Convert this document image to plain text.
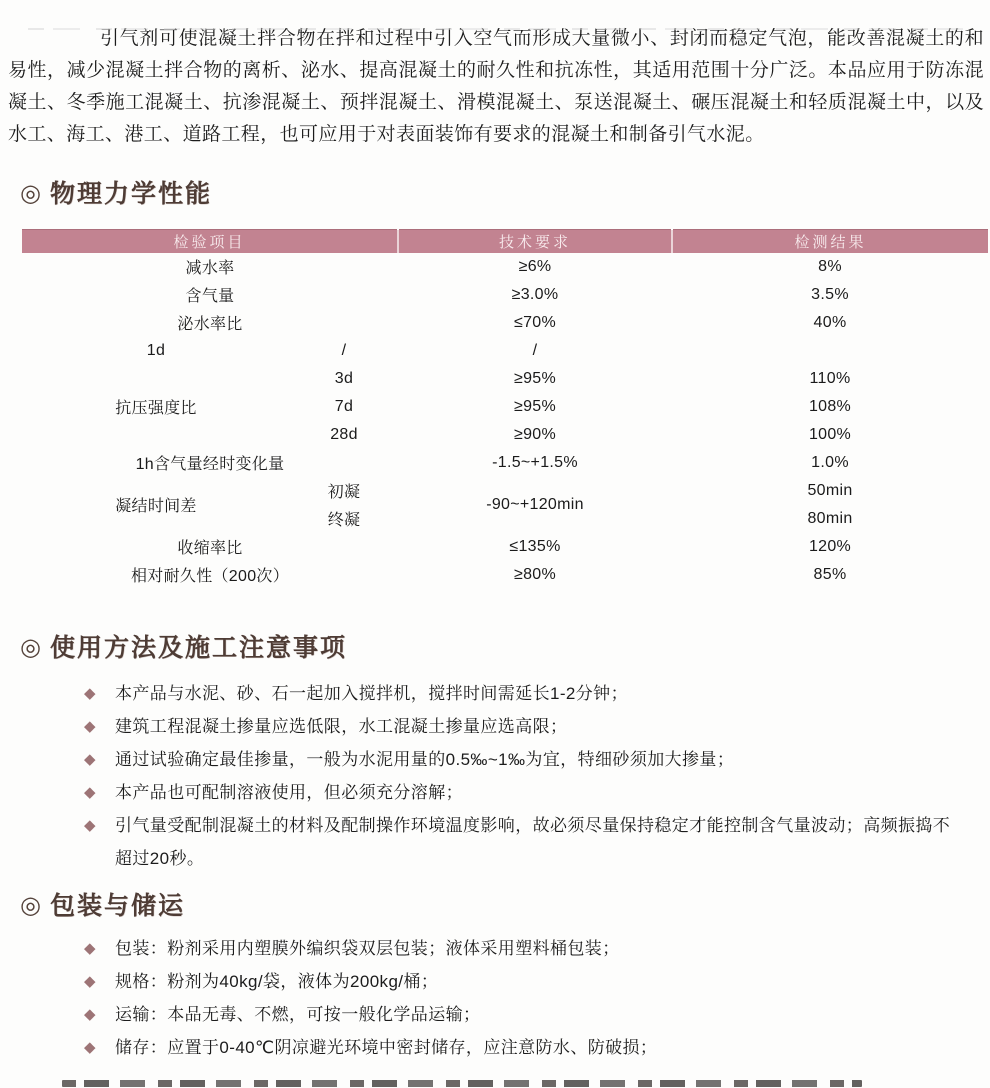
引气剂可使混凝土拌合物在拌和过程中引入空气而形成大量微小、封闭而稳定气泡，能改善混凝土的和易性，减少混凝土拌合物的离析、泌水、提高混凝土的耐久性和抗冻性，其适用范围十分广泛。本品应用于防冻混凝土、冬季施工混凝土、抗渗混凝土、预拌混凝土、滑模混凝土、泵送混凝土、碾压混凝土和轻质混凝土中，以及水工、海工、港工、道路工程，也可应用于对表面装饰有要求的混凝土和制备引气水泥。

◎ 物理力学性能
检验项目		技术要求	检测结果
减水率		≥6%	8%
含气量		≥3.0%	3.5%
泌水率比		≤70%	40%
1d	/	/	
抗压强度比	3d	≥95%	110%
	7d	≥95%	108%
	28d	≥90%	100%
1h含气量经时变化量		-1.5~+1.5%	1.0%
凝结时间差	初凝	-90~+120min	50min
	终凝		80min
收缩率比		≤135%	120%
相对耐久性（200次）		≥80%	85%
◎ 使用方法及施工注意事项
◆ 本产品与水泥、砂、石一起加入搅拌机，搅拌时间需延长1-2分钟；
◆ 建筑工程混凝土掺量应选低限，水工混凝土掺量应选高限；
◆ 通过试验确定最佳掺量，一般为水泥用量的0.5‰~1‰为宜，特细砂须加大掺量；
◆ 本产品也可配制溶液使用，但必须充分溶解；
◆ 引气量受配制混凝土的材料及配制操作环境温度影响，故必须尽量保持稳定才能控制含气量波动；高频振捣不超过20秒。
◎ 包装与储运
◆ 包装：粉剂采用内塑膜外编织袋双层包装；液体采用塑料桶包装；
◆ 规格：粉剂为40kg/袋，液体为200kg/桶；
◆ 运输：本品无毒、不燃，可按一般化学品运输；
◆ 储存：应置于0-40℃阴凉避光环境中密封储存，应注意防水、防破损；
